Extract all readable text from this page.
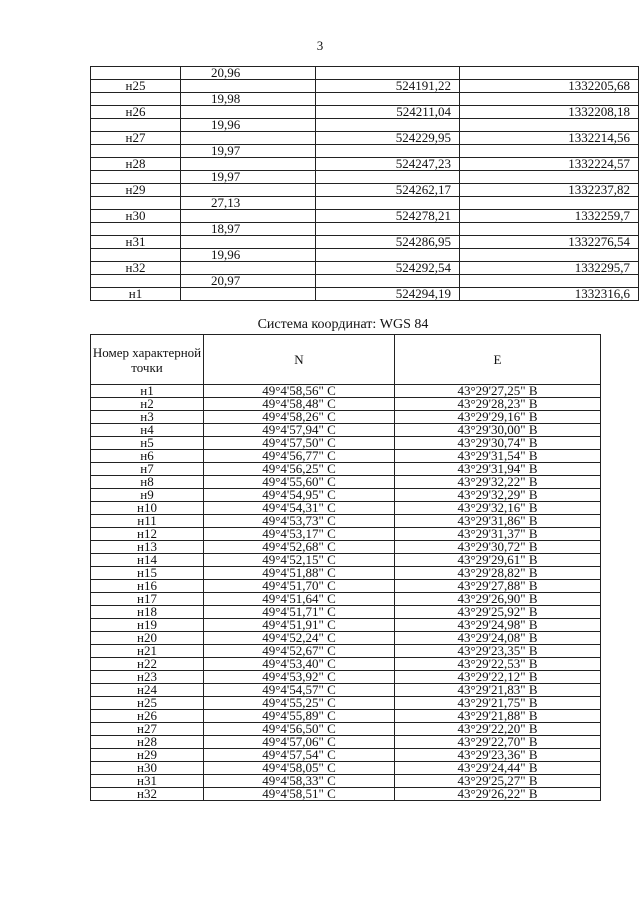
3
	20,96		
н25		524191,22	1332205,68
	19,98		
н26		524211,04	1332208,18
	19,96		
н27		524229,95	1332214,56
	19,97		
н28		524247,23	1332224,57
	19,97		
н29		524262,17	1332237,82
	27,13		
н30		524278,21	1332259,7
	18,97		
н31		524286,95	1332276,54
	19,96		
н32		524292,54	1332295,7
	20,97		
н1		524294,19	1332316,6
Система координат: WGS 84
Номер характерной точки	N	E
н1	49°4'58,56" С	43°29'27,25" В
н2	49°4'58,48" С	43°29'28,23" В
н3	49°4'58,26" С	43°29'29,16" В
н4	49°4'57,94" С	43°29'30,00" В
н5	49°4'57,50" С	43°29'30,74" В
н6	49°4'56,77" С	43°29'31,54" В
н7	49°4'56,25" С	43°29'31,94" В
н8	49°4'55,60" С	43°29'32,22" В
н9	49°4'54,95" С	43°29'32,29" В
н10	49°4'54,31" С	43°29'32,16" В
н11	49°4'53,73" С	43°29'31,86" В
н12	49°4'53,17" С	43°29'31,37" В
н13	49°4'52,68" С	43°29'30,72" В
н14	49°4'52,15" С	43°29'29,61" В
н15	49°4'51,88" С	43°29'28,82" В
н16	49°4'51,70" С	43°29'27,88" В
н17	49°4'51,64" С	43°29'26,90" В
н18	49°4'51,71" С	43°29'25,92" В
н19	49°4'51,91" С	43°29'24,98" В
н20	49°4'52,24" С	43°29'24,08" В
н21	49°4'52,67" С	43°29'23,35" В
н22	49°4'53,40" С	43°29'22,53" В
н23	49°4'53,92" С	43°29'22,12" В
н24	49°4'54,57" С	43°29'21,83" В
н25	49°4'55,25" С	43°29'21,75" В
н26	49°4'55,89" С	43°29'21,88" В
н27	49°4'56,50" С	43°29'22,20" В
н28	49°4'57,06" С	43°29'22,70" В
н29	49°4'57,54" С	43°29'23,36" В
н30	49°4'58,05" С	43°29'24,44" В
н31	49°4'58,33" С	43°29'25,27" В
н32	49°4'58,51" С	43°29'26,22" В
